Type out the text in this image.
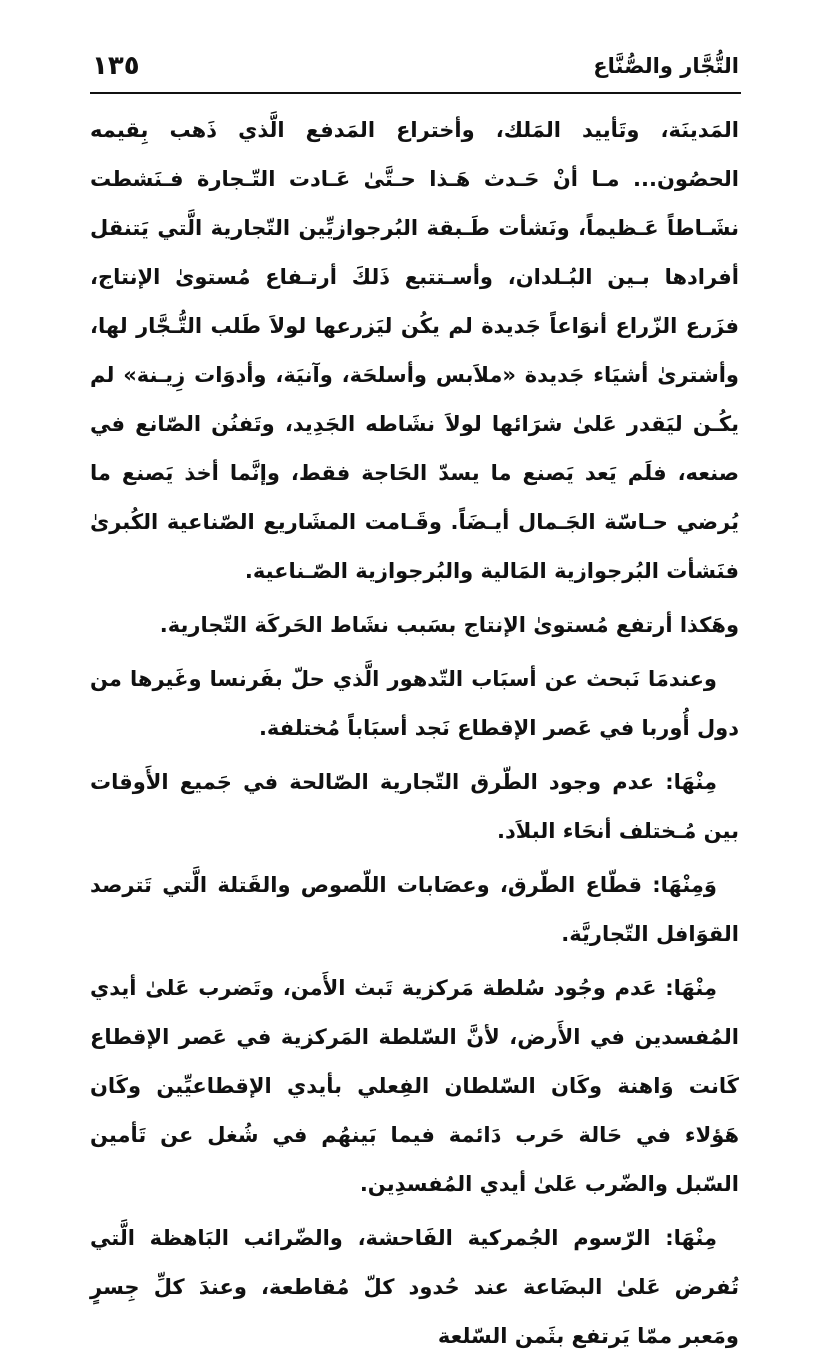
التُّجَّار والصُّنَّاع
١٣٥

المَدينَة، وتَأييد المَلك، وأختراع المَدفع الَّذي ذَهب بِقيمه الحصُون... مـا أنْ حَـدث هَـذا حـتَّىٰ عَـادت التّـجارة فـنَشطت نشَـاطاً عَـظيماً، ونَشأت طَـبقة البُرجوازيِّين التّجارية الَّتي يَتنقل أفرادها بـين البُـلدان، وأسـتتبع ذَلكَ أرتـفاع مُستوىٰ الإنتاج، فزَرع الزّراع أنوَاعاً جَديدة لم يكُن ليَزرعها لولاَ طَلب التُّـجَّار لها، وأشترىٰ أشيَاء جَديدة «ملاَبس وأسلحَة، وآنيَة، وأدوَات زِيـنة» لم يكُـن ليَقدر عَلىٰ شرَائها لولاَ نشَاطه الجَدِيد، وتَفنُن الصّانع في صنعه، فلَم يَعد يَصنع ما يسدّ الحَاجة فقط، وإنَّما أخذ يَصنع ما يُرضي حـاسّة الجَـمال أيـضَاً. وقَـامت المشَاريع الصّناعية الكُبرىٰ فنَشأت البُرجوازية المَالية والبُرجوازية الصّـناعية.

وهَكذا أرتفع مُستوىٰ الإنتاج بسَبب نشَاط الحَركَة التّجارية.

وعندمَا نَبحث عن أسبَاب التّدهور الَّذي حلّ بفَرنسا وغَيرها من دول أُوربا في عَصر الإقطاع نَجد أسبَاباً مُختلفة.

مِنْهَا: عدم وجود الطّرق التّجارية الصّالحة في جَميع الأَوقات بين مُـختلف أنحَاء البلاَد.

وَمِنْهَا: قطّاع الطّرق، وعصَابات اللّصوص والقَتلة الَّتي تَترصد القوَافل التّجاريَّة.

مِنْهَا: عَدم وجُود سُلطة مَركزية تَبث الأَمن، وتَضرب عَلىٰ أيدي المُفسدين في الأَرض، لأنَّ السّلطة المَركزية في عَصر الإقطاع كَانت وَاهنة وكَان السّلطان الفِعلي بأيدي الإقطاعيِّين وكَان هَؤلاء في حَالة حَرب دَائمة فيما بَينهُم في شُغل عن تَأمين السّبل والضّرب عَلىٰ أيدي المُفسدِين.

مِنْهَا: الرّسوم الجُمركية الفَاحشة، والضّرائب البَاهظة الَّتي تُفرض عَلىٰ البضَاعة عند حُدود كلّ مُقاطعة، وعندَ كلِّ جِسرٍ ومَعبر ممّا يَرتفع بثَمن السّلعة
